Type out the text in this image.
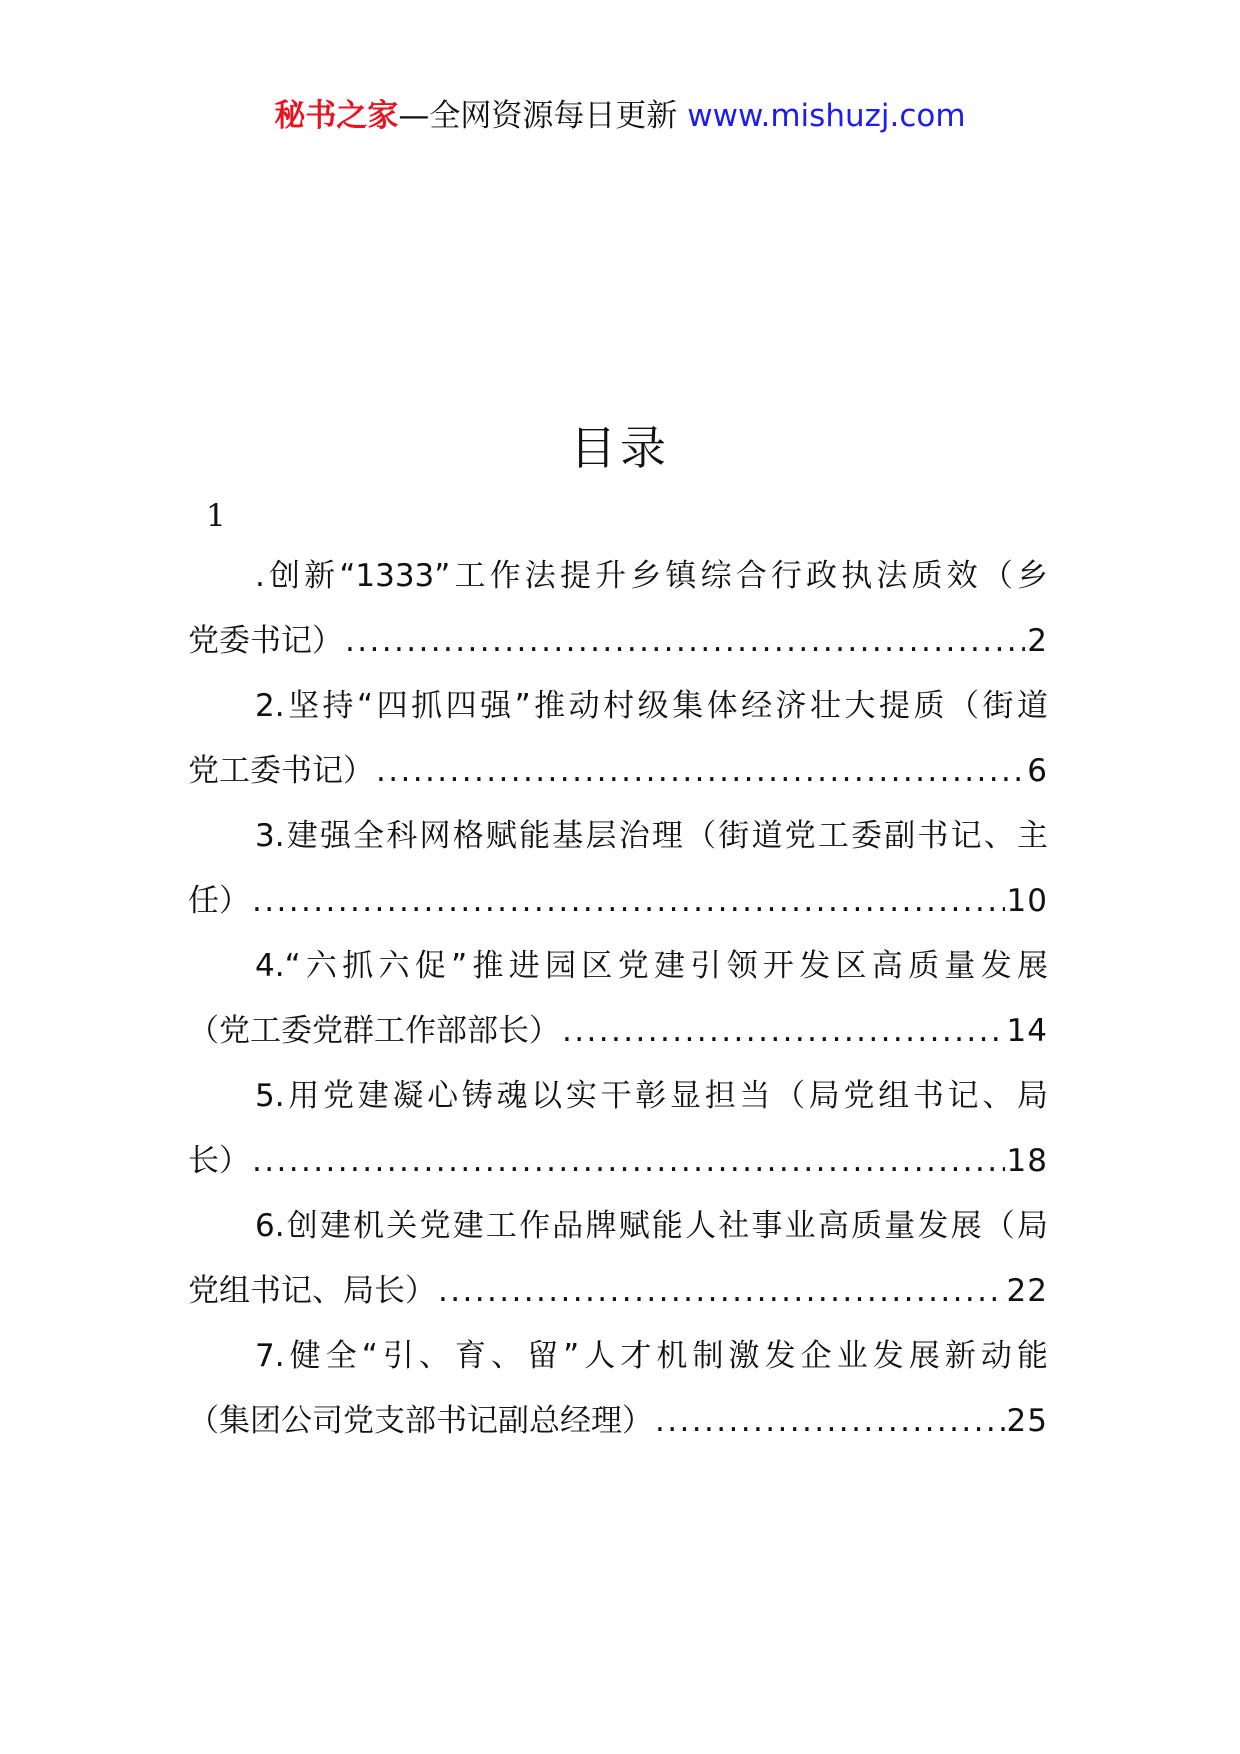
秘书之家—全网资源每日更新 www.mishuzj.com
目录
1
.创新“1333”工作法提升乡镇综合行政执法质效（乡
党委书记） .....	2
2.坚持“四抓四强”推动村级集体经济壮大提质（街道
党工委书记） .....	6
3.建强全科网格赋能基层治理（街道党工委副书记、主
任） .....	10
4.“六抓六促”推进园区党建引领开发区高质量发展
（党工委党群工作部部长） .....	14
5.用党建凝心铸魂以实干彰显担当（局党组书记、局
长） .....	18
6.创建机关党建工作品牌赋能人社事业高质量发展（局
党组书记、局长） .....	22
7.健全“引、育、留”人才机制激发企业发展新动能
（集团公司党支部书记副总经理） .....	25
